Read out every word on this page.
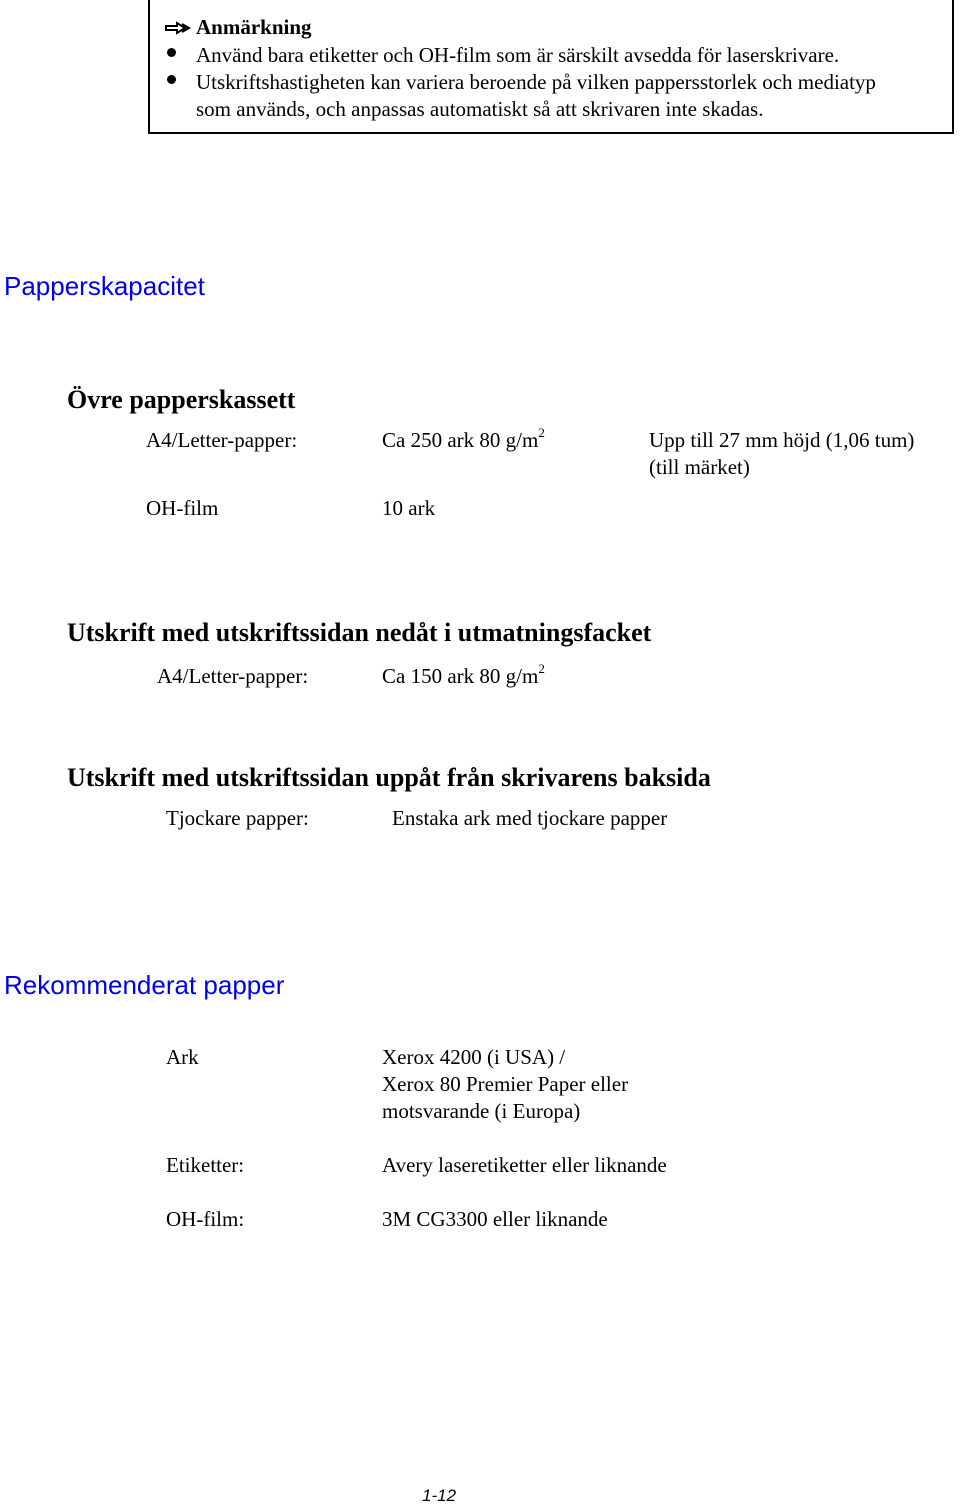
Anmärkning
Använd bara etiketter och OH-film som är särskilt avsedda för laserskrivare.
Utskriftshastigheten kan variera beroende på vilken pappersstorlek och mediatyp
som används, och anpassas automatiskt så att skrivaren inte skadas.
Papperskapacitet
Övre papperskassett
A4/Letter-papper:	Ca 250 ark 80 $g/m^2$	Upp till 27 mm höjd (1,06 tum)
(till märket)
OH-film	10 ark
Utskrift med utskriftssidan nedåt i utmatningsfacket
A4/Letter-papper:	Ca 150 ark 80 $g/m^2$
Utskrift med utskriftssidan uppåt från skrivarens baksida
Tjockare papper:	Enstaka ark med tjockare papper
Rekommenderat papper
Ark	Xerox 4200 (i USA) /
Xerox 80 Premier Paper eller
motsvarande (i Europa)
Etiketter:	Avery laseretiketter eller liknande
OH-film:	3M CG3300 eller liknande
1-12
